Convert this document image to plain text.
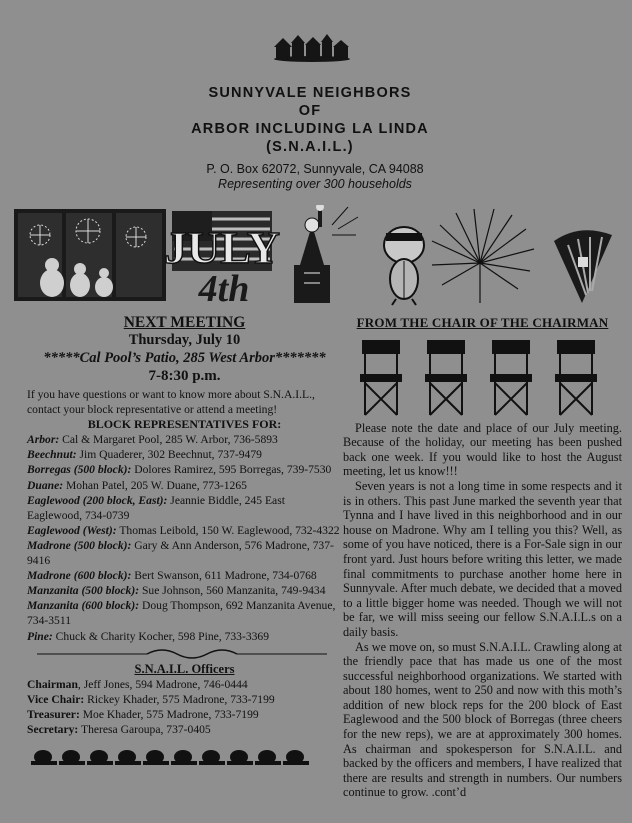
SUNNYVALE NEIGHBORS
OF
ARBOR INCLUDING LA LINDA
(S.N.A.I.L.)
P. O. Box 62072, Sunnyvale, CA 94088
Representing over 300 households
JULY
4th

NEXT MEETING

Thursday, July 10

*****Cal Pool’s Patio, 285 West Arbor*******

7-8:30 p.m.

If you have questions or want to know more about S.N.A.I.L., contact your block representative or attend a meeting!

BLOCK REPRESENTATIVES FOR:

Arbor: Cal & Margaret Pool, 285 W. Arbor, 736-5893

Beechnut: Jim Quaderer, 302 Beechnut, 737-9479

Borregas (500 block): Dolores Ramirez, 595 Borregas, 739-7530

Duane: Mohan Patel, 205 W. Duane, 773-1265

Eaglewood (200 block, East): Jeannie Biddle, 245 East Eaglewood, 734-0739

Eaglewood (West): Thomas Leibold, 150 W. Eaglewood, 732-4322

Madrone (500 block): Gary & Ann Anderson, 576 Madrone, 737-9416

Madrone (600 block): Bert Swanson, 611 Madrone, 734-0768

Manzanita (500 block): Sue Johnson, 560 Manzanita, 749-9434

Manzanita (600 block): Doug Thompson, 692 Manzanita Avenue, 734-3511

Pine: Chuck & Charity Kocher, 598 Pine, 733-3369

S.N.A.I.L. Officers

Chairman, Jeff Jones, 594 Madrone, 746-0444

Vice Chair: Rickey Khader, 575 Madrone, 733-7199

Treasurer: Moe Khader, 575 Madrone, 733-7199

Secretary: Theresa Garoupa, 737-0405

FROM THE CHAIR OF THE CHAIRMAN

Please note the date and place of our July meeting. Because of the holiday, our meeting has been pushed back one week. If you would like to host the August meeting, let us know!!!

Seven years is not a long time in some respects and it is in others. This past June marked the seventh year that Tynna and I have lived in this neighborhood and in our house on Madrone. Why am I telling you this? Well, as some of you have noticed, there is a For-Sale sign in our front yard. Just hours before writing this letter, we made final commitments to purchase another home here in Sunnyvale. After much debate, we decided that a moved to a little bigger home was needed. Though we will not be far, we will miss seeing our fellow S.N.A.I.L.s on a daily basis.

As we move on, so must S.N.A.I.L. Crawling along at the friendly pace that has made us one of the most successful neighborhood organizations. We started with about 180 homes, went to 250 and now with this moth’s addition of new block reps for the 200 block of East Eaglewood and the 500 block of Borregas (three cheers for the new reps), we are at approximately 300 homes. As chairman and spokesperson for S.N.A.I.L. and backed by the officers and members, I have realized that there are results and strength in numbers. Our numbers continue to grow. .cont’d
